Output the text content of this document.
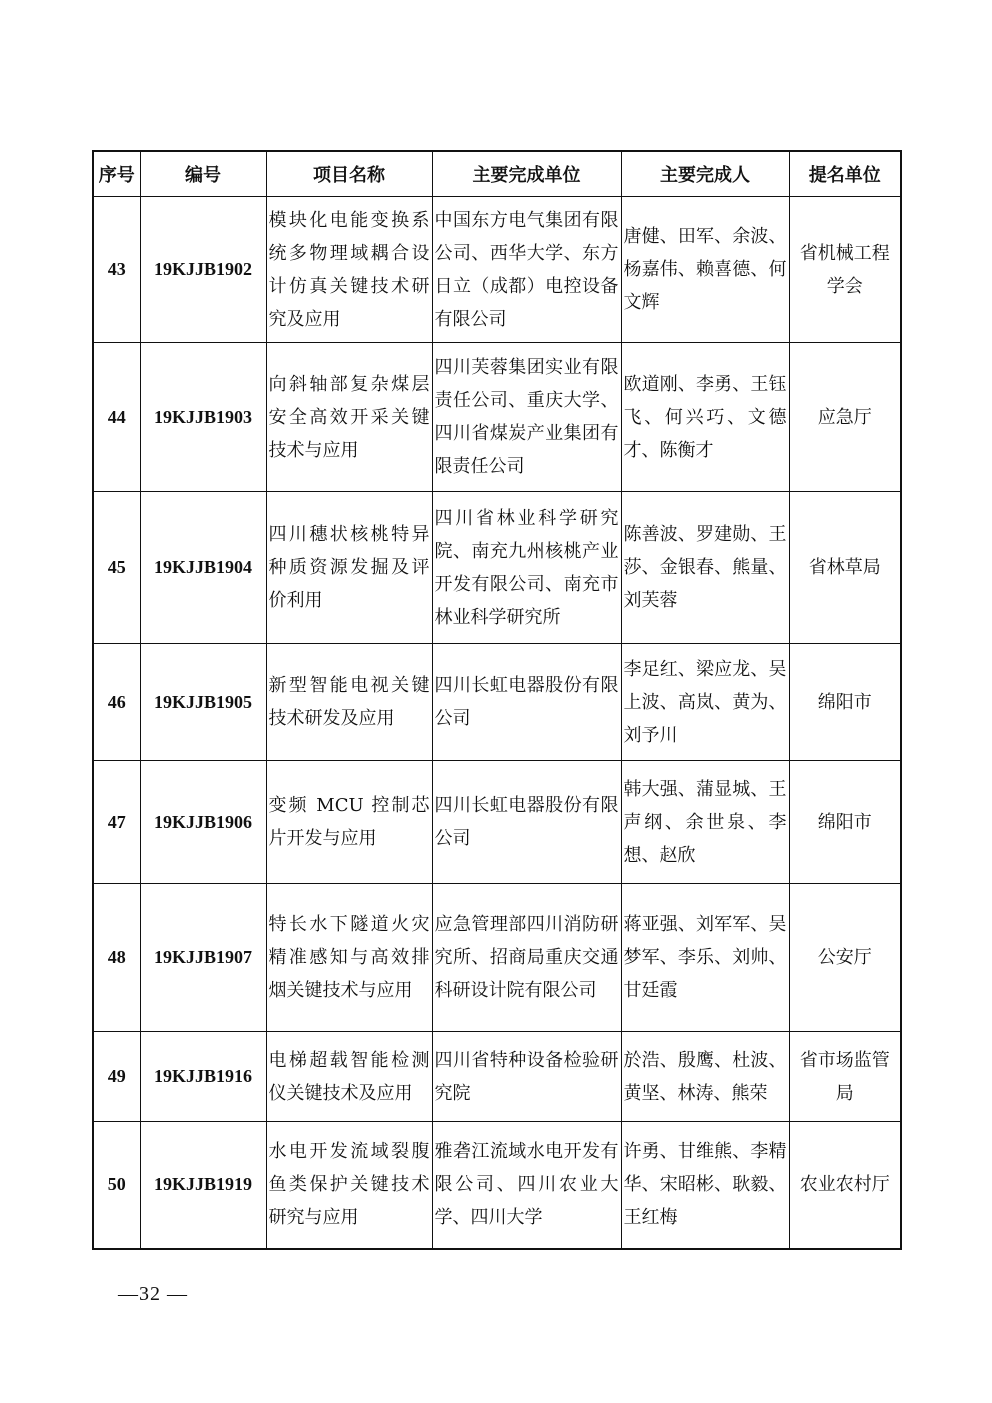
序号	编号	项目名称	主要完成单位	主要完成人	提名单位
43	19KJJB1902	模块化电能变换系统多物理域耦合设计仿真关键技术研究及应用	中国东方电气集团有限公司、西华大学、东方日立（成都）电控设备有限公司	唐健、田军、余波、杨嘉伟、赖喜德、何文辉	省机械工程学会
44	19KJJB1903	向斜轴部复杂煤层安全高效开采关键技术与应用	四川芙蓉集团实业有限责任公司、重庆大学、四川省煤炭产业集团有限责任公司	欧道刚、李勇、王钰飞、何兴巧、文德才、陈衡才	应急厅
45	19KJJB1904	四川穗状核桃特异种质资源发掘及评价利用	四川省林业科学研究院、南充九州核桃产业开发有限公司、南充市林业科学研究所	陈善波、罗建勋、王莎、金银春、熊量、刘芙蓉	省林草局
46	19KJJB1905	新型智能电视关键技术研发及应用	四川长虹电器股份有限公司	李足红、梁应龙、吴上波、高岚、黄为、刘予川	绵阳市
47	19KJJB1906	变频 MCU 控制芯片开发与应用	四川长虹电器股份有限公司	韩大强、蒲显城、王声纲、余世泉、李想、赵欣	绵阳市
48	19KJJB1907	特长水下隧道火灾精准感知与高效排烟关键技术与应用	应急管理部四川消防研究所、招商局重庆交通科研设计院有限公司	蒋亚强、刘军军、吴梦军、李乐、刘帅、甘廷霞	公安厅
49	19KJJB1916	电梯超载智能检测仪关键技术及应用	四川省特种设备检验研究院	於浩、殷鹰、杜波、黄坚、林涛、熊荣	省市场监管局
50	19KJJB1919	水电开发流域裂腹鱼类保护关键技术研究与应用	雅砻江流域水电开发有限公司、四川农业大学、四川大学	许勇、甘维熊、李精华、宋昭彬、耿毅、王红梅	农业农村厅
—32 —
